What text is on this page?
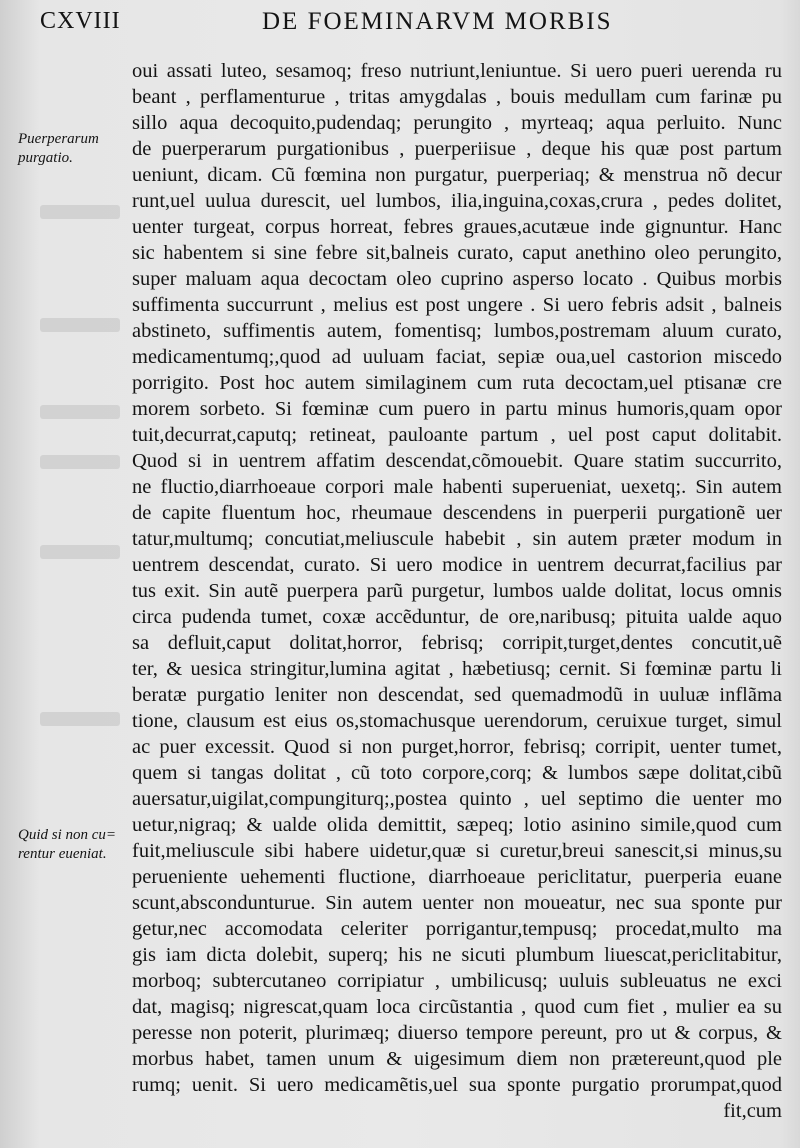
CXVIII	DE FOEMINARVM MORBIS
Puerperarum
purgatio.
Quid si non cu=
rentur eueniat.
oui assati luteo, sesamoq; freso nutriunt,leniuntue. Si uero pueri uerenda ru
beant , perflamenturue , tritas amygdalas , bouis medullam cum farinæ pu
sillo aqua decoquito,pudendaq; perungito , myrteaq; aqua perluito. Nunc
de puerperarum purgationibus , puerperiisue , deque his quæ post partum
ueniunt, dicam. Cũ fœmina non purgatur, puerperiaq; & menstrua nõ decur
runt,uel uulua durescit, uel lumbos, ilia,inguina,coxas,crura , pedes dolitet,
uenter turgeat, corpus horreat, febres graues,acutæue inde gignuntur. Hanc
sic habentem si sine febre sit,balneis curato, caput anethino oleo perungito,
super maluam aqua decoctam oleo cuprino asperso locato . Quibus morbis
suffimenta succurrunt , melius est post ungere . Si uero febris adsit , balneis
abstineto, suffimentis autem, fomentisq; lumbos,postremam aluum curato,
medicamentumq;,quod ad uuluam faciat, sepiæ oua,uel castorion miscedo
porrigito. Post hoc autem similaginem cum ruta decoctam,uel ptisanæ cre
morem sorbeto. Si fœminæ cum puero in partu minus humoris,quam opor
tuit,decurrat,caputq; retineat, pauloante partum , uel post caput dolitabit.
Quod si in uentrem affatim descendat,cõmouebit. Quare statim succurrito,
ne fluctio,diarrhoeaue corpori male habenti superueniat, uexetq;. Sin autem
de capite fluentum hoc, rheumaue descendens in puerperii purgationẽ uer
tatur,multumq; concutiat,meliuscule habebit , sin autem præter modum in
uentrem descendat, curato. Si uero modice in uentrem decurrat,facilius par
tus exit. Sin autẽ puerpera parũ purgetur, lumbos ualde dolitat, locus omnis
circa pudenda tumet, coxæ accẽduntur, de ore,naribusq; pituita ualde aquo
sa defluit,caput dolitat,horror, febrisq; corripit,turget,dentes concutit,uẽ
ter, & uesica stringitur,lumina agitat , hæbetiusq; cernit. Si fœminæ partu li
beratæ purgatio leniter non descendat, sed quemadmodũ in uuluæ inflãma
tione, clausum est eius os,stomachusque uerendorum, ceruixue turget, simul
ac puer excessit. Quod si non purget,horror, febrisq; corripit, uenter tumet,
quem si tangas dolitat , cũ toto corpore,corq; & lumbos sæpe dolitat,cibũ
auersatur,uigilat,compungiturq;,postea quinto , uel septimo die uenter mo
uetur,nigraq; & ualde olida demittit, sæpeq; lotio asinino simile,quod cum
fuit,meliuscule sibi habere uidetur,quæ si curetur,breui sanescit,si minus,su
perueniente uehementi fluctione, diarrhoeaue periclitatur, puerperia euane
scunt,abscondunturue. Sin autem uenter non moueatur, nec sua sponte pur
getur,nec accomodata celeriter porrigantur,tempusq; procedat,multo ma
gis iam dicta dolebit, superq; his ne sicuti plumbum liuescat,periclitabitur,
morboq; subtercutaneo corripiatur , umbilicusq; uuluis subleuatus ne exci
dat, magisq; nigrescat,quam loca circũstantia , quod cum fiet , mulier ea su
peresse non poterit, plurimæq; diuerso tempore pereunt, pro ut & corpus, &
morbus habet, tamen unum & uigesimum diem non prætereunt,quod ple
rumq; uenit. Si uero medicamẽtis,uel sua sponte purgatio prorumpat,quod
fit,cum
